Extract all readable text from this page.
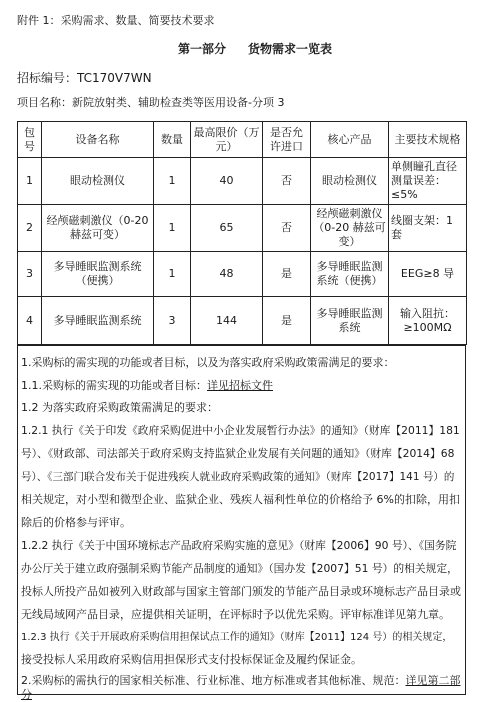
附件 1：采购需求、数量、简要技术要求
第一部分 货物需求一览表
招标编号：TC170V7WN
项目名称：新院放射类、辅助检查类等医用设备-分项 3
包号	设备名称	数量	最高限价（万元）	是否允许进口	核心产品	主要技术规格
1	眼动检测仪	1	40	否	眼动检测仪	单侧瞳孔直径测量误差：≤5%
2	经颅磁刺激仪（0-20 赫兹可变）	1	65	否	经颅磁刺激仪（0-20 赫兹可变）	线圈支架：1 套
3	多导睡眠监测系统（便携）	1	48	是	多导睡眠监测系统（便携）	EEG≥8 导
4	多导睡眠监测系统	3	144	是	多导睡眠监测系统	输入阻抗：≥100MΩ
1.采购标的需实现的功能或者目标，以及为落实政府采购政策需满足的要求：
1.1.采购标的需实现的功能或者目标：详见招标文件
1.2 为落实政府采购政策需满足的要求：
1.2.1 执行《关于印发《政府采购促进中小企业发展暂行办法》的通知》（财库【2011】181
号）、《财政部、司法部关于政府采购支持监狱企业发展有关问题的通知》（财库【2014】68
号）、《三部门联合发布关于促进残疾人就业政府采购政策的通知》（财库【2017】141 号）的
相关规定，对小型和微型企业、监狱企业、残疾人福利性单位的价格给予 6%的扣除，用扣
除后的价格参与评审。
1.2.2 执行《关于中国环境标志产品政府采购实施的意见》（财库【2006】90 号）、《国务院
办公厅关于建立政府强制采购节能产品制度的通知》（国办发【2007】51 号）的相关规定，
投标人所投产品如被列入财政部与国家主管部门颁发的节能产品目录或环境标志产品目录或
无线局域网产品目录，应提供相关证明，在评标时予以优先采购。评审标准详见第九章。
1.2.3 执行《关于开展政府采购信用担保试点工作的通知》（财库【2011】124 号）的相关规定，
接受投标人采用政府采购信用担保形式支付投标保证金及履约保证金。
2.采购标的需执行的国家相关标准、行业标准、地方标准或者其他标准、规范：详见第二部
分
